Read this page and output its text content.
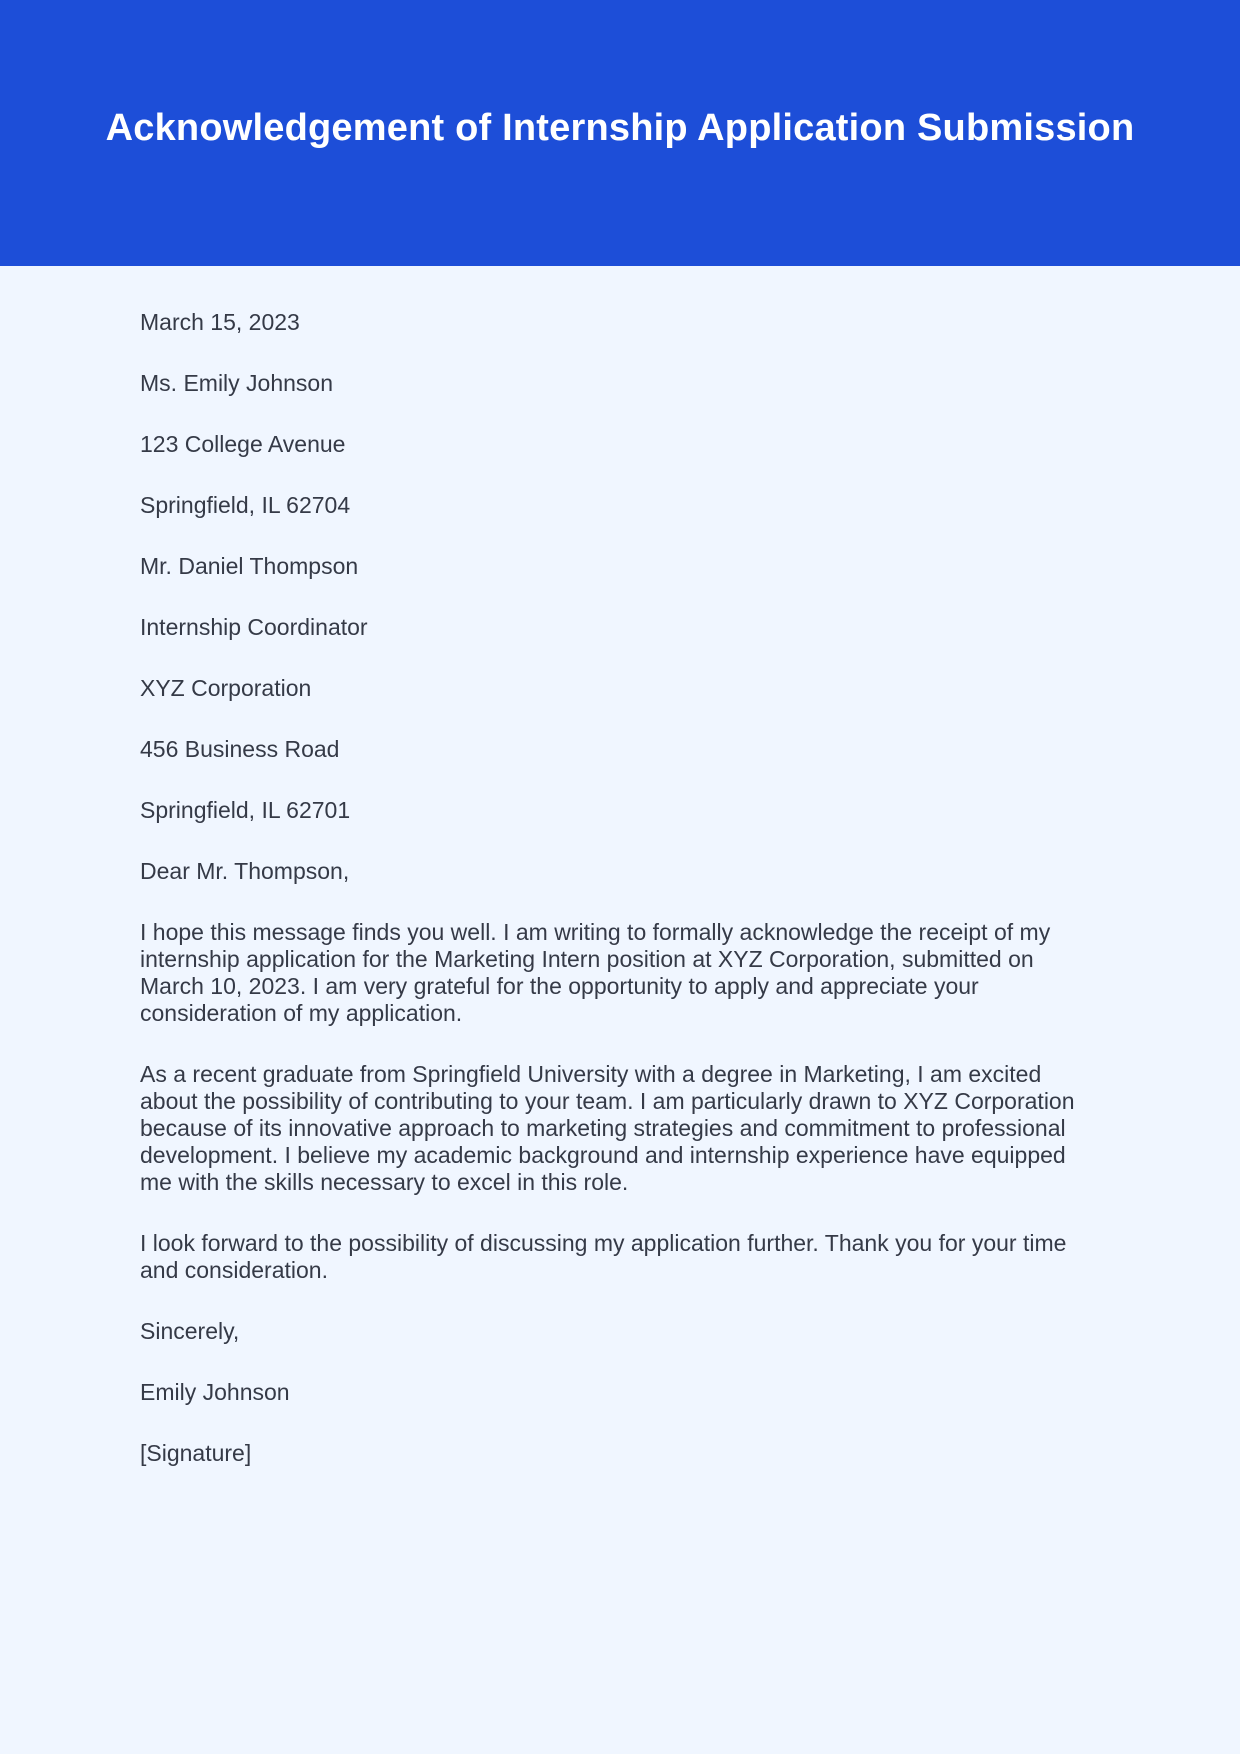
Acknowledgement of Internship Application Submission

March 15, 2023

Ms. Emily Johnson

123 College Avenue

Springfield, IL 62704

Mr. Daniel Thompson

Internship Coordinator

XYZ Corporation

456 Business Road

Springfield, IL 62701

Dear Mr. Thompson,

I hope this message finds you well. I am writing to formally acknowledge the receipt of my internship application for the Marketing Intern position at XYZ Corporation, submitted on March 10, 2023. I am very grateful for the opportunity to apply and appreciate your consideration of my application.

As a recent graduate from Springfield University with a degree in Marketing, I am excited about the possibility of contributing to your team. I am particularly drawn to XYZ Corporation because of its innovative approach to marketing strategies and commitment to professional development. I believe my academic background and internship experience have equipped me with the skills necessary to excel in this role.

I look forward to the possibility of discussing my application further. Thank you for your time and consideration.

Sincerely,

Emily Johnson

[Signature]
